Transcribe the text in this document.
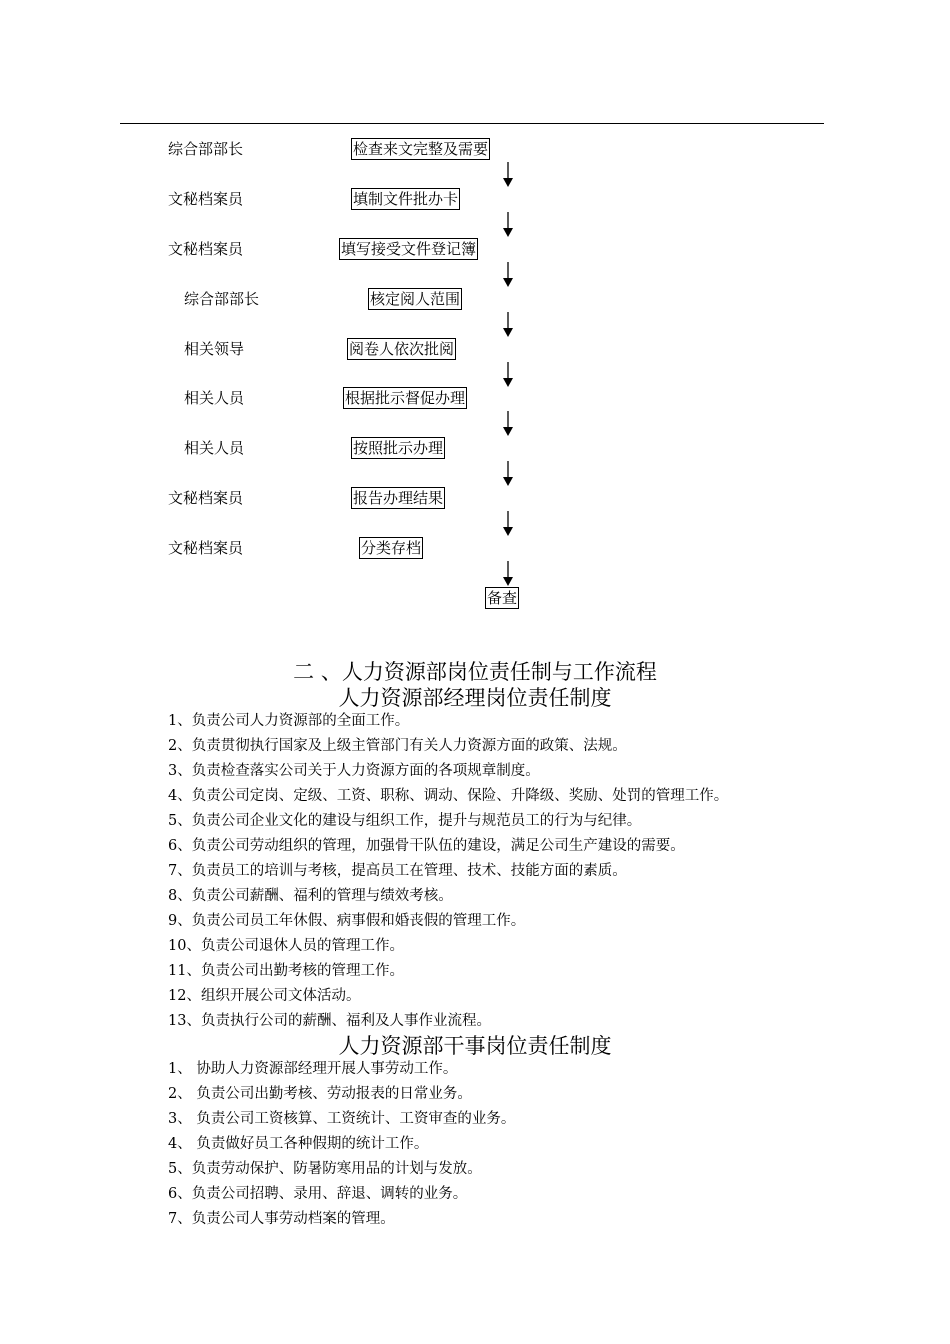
综合部部长	检查来文完整及需要
文秘档案员	填制文件批办卡
文秘档案员	填写接受文件登记簿
综合部部长	核定阅人范围
相关领导	阅卷人依次批阅
相关人员	根据批示督促办理
相关人员	按照批示办理
文秘档案员	报告办理结果
文秘档案员	分类存档
备查
二 、人力资源部岗位责任制与工作流程
人力资源部经理岗位责任制度
1、负责公司人力资源部的全面工作。
2、负责贯彻执行国家及上级主管部门有关人力资源方面的政策、法规。
3、负责检查落实公司关于人力资源方面的各项规章制度。
4、负责公司定岗、定级、工资、职称、调动、保险、升降级、奖励、处罚的管理工作。
5、负责公司企业文化的建设与组织工作，提升与规范员工的行为与纪律。
6、负责公司劳动组织的管理，加强骨干队伍的建设，满足公司生产建设的需要。
7、负责员工的培训与考核，提高员工在管理、技术、技能方面的素质。
8、负责公司薪酬、福利的管理与绩效考核。
9、负责公司员工年休假、病事假和婚丧假的管理工作。
10、负责公司退休人员的管理工作。
11、负责公司出勤考核的管理工作。
12、组织开展公司文体活动。
13、负责执行公司的薪酬、福利及人事作业流程。
人力资源部干事岗位责任制度
1、 协助人力资源部经理开展人事劳动工作。
2、 负责公司出勤考核、劳动报表的日常业务。
3、 负责公司工资核算、工资统计、工资审查的业务。
4、 负责做好员工各种假期的统计工作。
5、负责劳动保护、防暑防寒用品的计划与发放。
6、负责公司招聘、录用、辞退、调转的业务。
7、负责公司人事劳动档案的管理。
